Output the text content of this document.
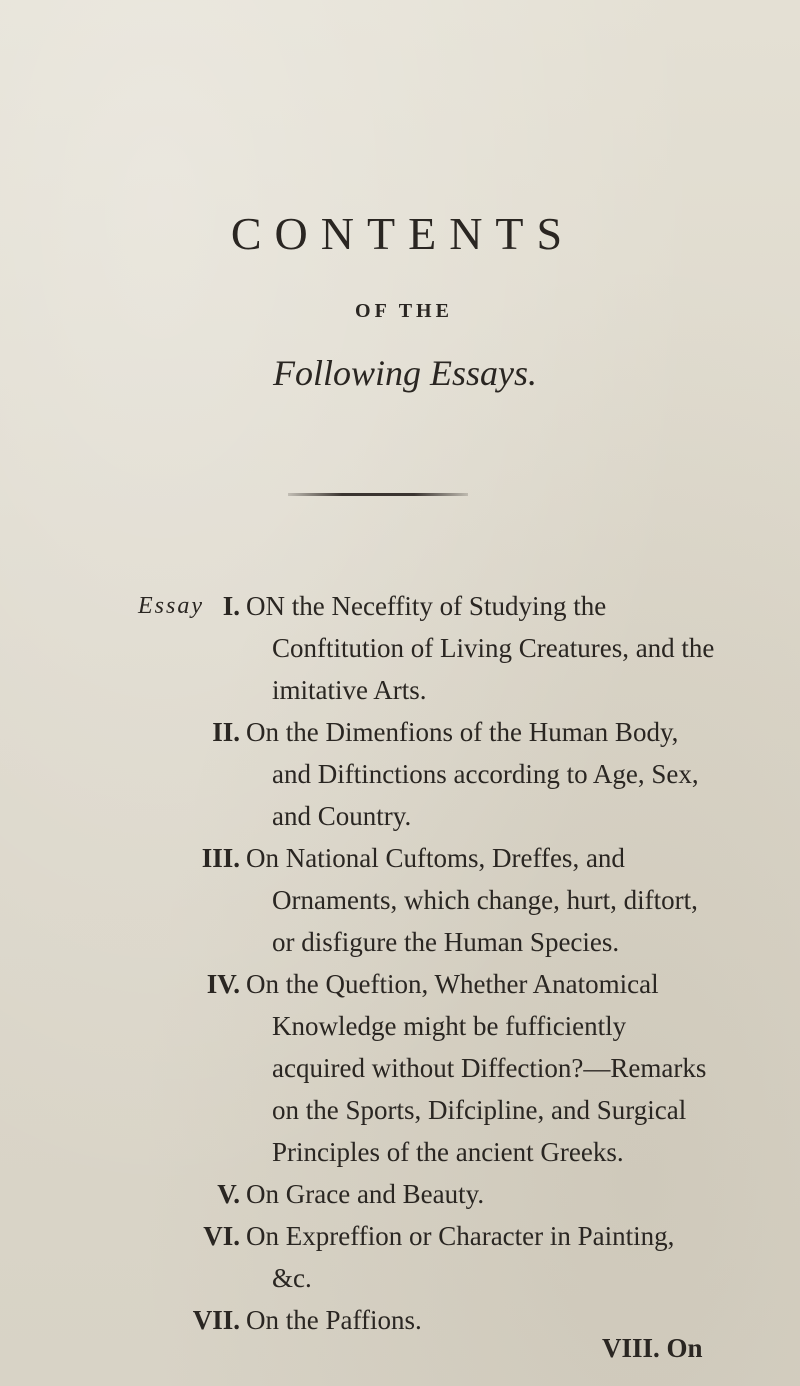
CONTENTS
OF THE
Following Essays.
Essay I. ON the Neceffity of Studying the Conftitution of Living Creatures, and the imitative Arts.
II. On the Dimenfions of the Human Body, and Diftinctions according to Age, Sex, and Country.
III. On National Cuftoms, Dreffes, and Ornaments, which change, hurt, diftort, or disfigure the Human Species.
IV. On the Queftion, Whether Anatomical Knowledge might be fufficiently acquired without Diffection?—Remarks on the Sports, Difcipline, and Surgical Principles of the ancient Greeks.
V. On Grace and Beauty.
VI. On Expreffion or Character in Painting, &c.
VII. On the Paffions.
VIII. On
